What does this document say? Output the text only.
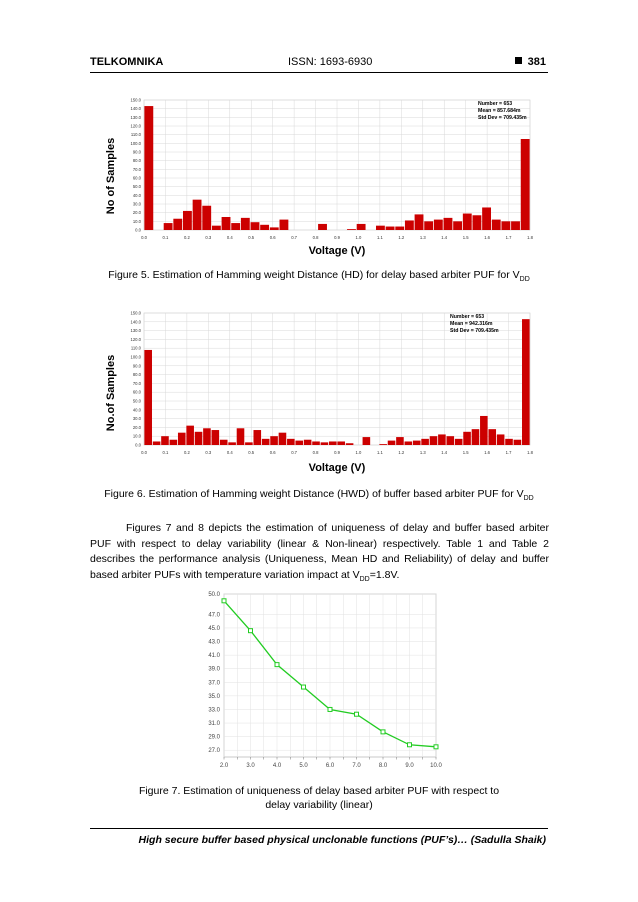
TELKOMNIKA	ISSN: 1693-6930	381
0.0
10.0
20.0
30.0
40.0
50.0
60.0
70.0
80.0
90.0
100.0
110.0
120.0
130.0
140.0
150.0
0.0	0.1	0.2	0.3	0.4	0.5	0.6	0.7	0.8	0.9	1.0	1.1	1.2	1.3	1.4	1.5	1.6	1.7	1.8
Number = 653
Mean = 857.684m
Std Dev = 709.435m
No of Samples
Voltage (V)
Figure 5. Estimation of Hamming weight Distance (HD) for delay based arbiter PUF for $V_{DD}$
0.0
10.0
20.0
30.0
40.0
50.0
60.0
70.0
80.0
90.0
100.0
110.0
120.0
130.0
140.0
150.0
0.0	0.1	0.2	0.3	0.4	0.5	0.6	0.7	0.8	0.9	1.0	1.1	1.2	1.3	1.4	1.5	1.6	1.7	1.8
Number = 653
Mean = 942.316m
Std Dev = 709.435m
No.of Samples
Voltage (V)
Figure 6. Estimation of Hamming weight Distance (HWD) of buffer based arbiter PUF for $V_{DD}$
Figures 7 and 8 depicts the estimation of uniqueness of delay and buffer based arbiter PUF with respect to delay variability (linear & Non-linear) respectively. Table 1 and Table 2 describes the performance analysis (Uniqueness, Mean HD and Reliability) of delay and buffer based arbiter PUFs with temperature variation impact at $V_{DD}=1.8V$.
27.0
29.0
31.0
33.0
35.0
37.0
39.0
41.0
43.0
45.0
47.0
50.0
2.0	3.0	4.0	5.0	6.0	7.0	8.0	9.0	10.0
Figure 7. Estimation of uniqueness of delay based arbiter PUF with respect to
delay variability (linear)
High secure buffer based physical unclonable functions (PUF’s)… (Sadulla Shaik)
